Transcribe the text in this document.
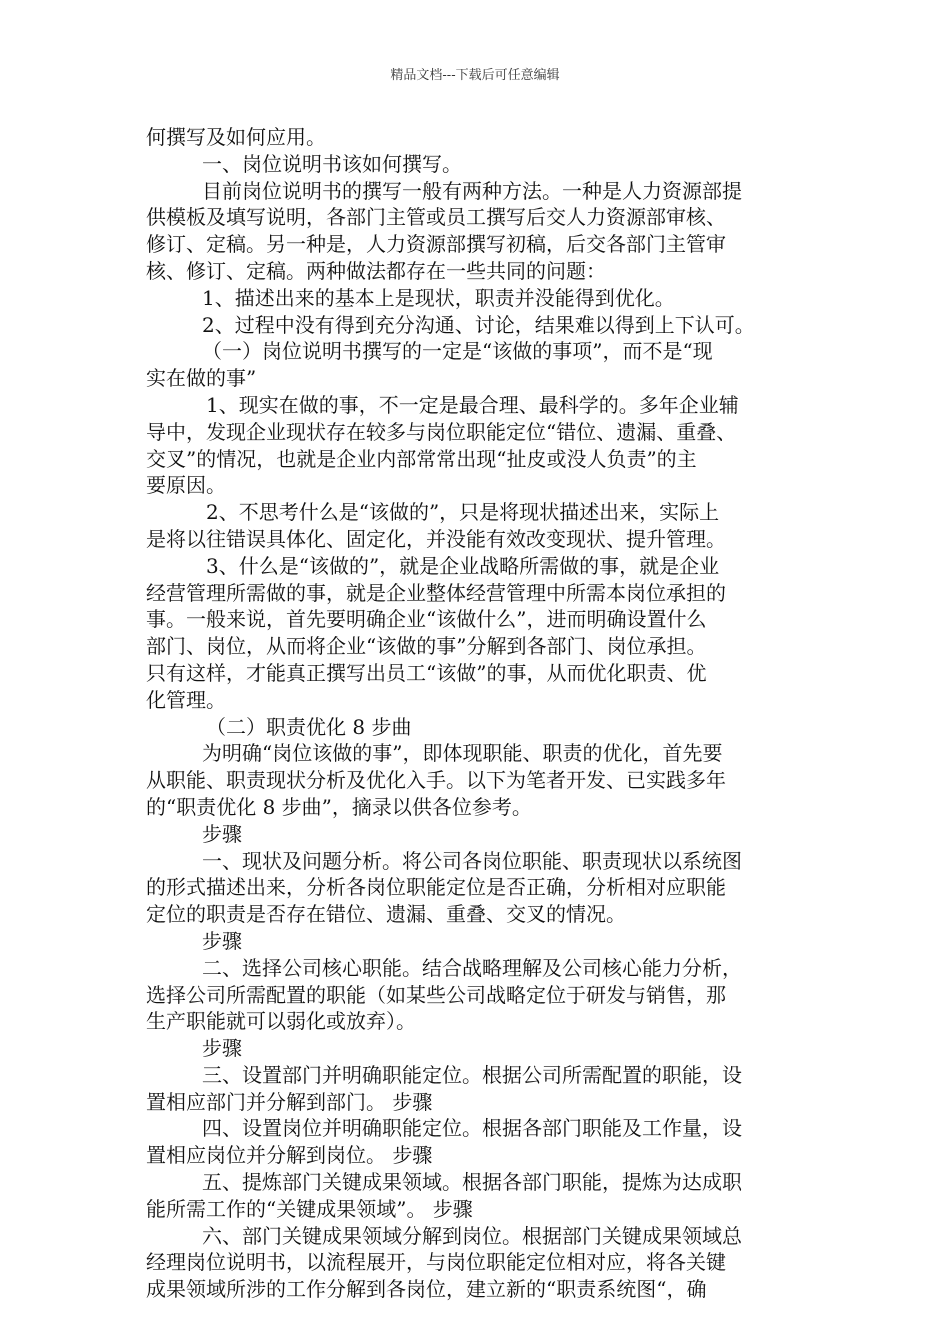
精品文档---下载后可任意编辑
何撰写及如何应用。
一、岗位说明书该如何撰写。
目前岗位说明书的撰写一般有两种方法。一种是人力资源部提
供模板及填写说明，各部门主管或员工撰写后交人力资源部审核、
修订、定稿。另一种是，人力资源部撰写初稿，后交各部门主管审
核、修订、定稿。两种做法都存在一些共同的问题：
1、描述出来的基本上是现状，职责并没能得到优化。
2、过程中没有得到充分沟通、讨论，结果难以得到上下认可。
（一）岗位说明书撰写的一定是“该做的事项”，而不是“现
实在做的事”
1、现实在做的事，不一定是最合理、最科学的。多年企业辅
导中，发现企业现状存在较多与岗位职能定位“错位、遗漏、重叠、
交叉”的情况，也就是企业内部常常出现“扯皮或没人负责”的主
要原因。
2、不思考什么是“该做的”，只是将现状描述出来，实际上
是将以往错误具体化、固定化，并没能有效改变现状、提升管理。
3、什么是“该做的”，就是企业战略所需做的事，就是企业
经营管理所需做的事，就是企业整体经营管理中所需本岗位承担的
事。一般来说，首先要明确企业“该做什么”，进而明确设置什么
部门、岗位，从而将企业“该做的事”分解到各部门、岗位承担。
只有这样，才能真正撰写出员工“该做”的事，从而优化职责、优
化管理。
（二）职责优化 8 步曲
为明确“岗位该做的事”，即体现职能、职责的优化，首先要
从职能、职责现状分析及优化入手。以下为笔者开发、已实践多年
的“职责优化 8 步曲”，摘录以供各位参考。
步骤
一、现状及问题分析。将公司各岗位职能、职责现状以系统图
的形式描述出来，分析各岗位职能定位是否正确，分析相对应职能
定位的职责是否存在错位、遗漏、重叠、交叉的情况。
步骤
二、选择公司核心职能。结合战略理解及公司核心能力分析，
选择公司所需配置的职能（如某些公司战略定位于研发与销售，那
生产职能就可以弱化或放弃）。
步骤
三、设置部门并明确职能定位。根据公司所需配置的职能，设
置相应部门并分解到部门。 步骤
四、设置岗位并明确职能定位。根据各部门职能及工作量，设
置相应岗位并分解到岗位。 步骤
五、提炼部门关键成果领域。根据各部门职能，提炼为达成职
能所需工作的“关键成果领域”。 步骤
六、部门关键成果领域分解到岗位。根据部门关键成果领域总
经理岗位说明书，以流程展开，与岗位职能定位相对应，将各关键
成果领域所涉的工作分解到各岗位，建立新的“职责系统图“，确
